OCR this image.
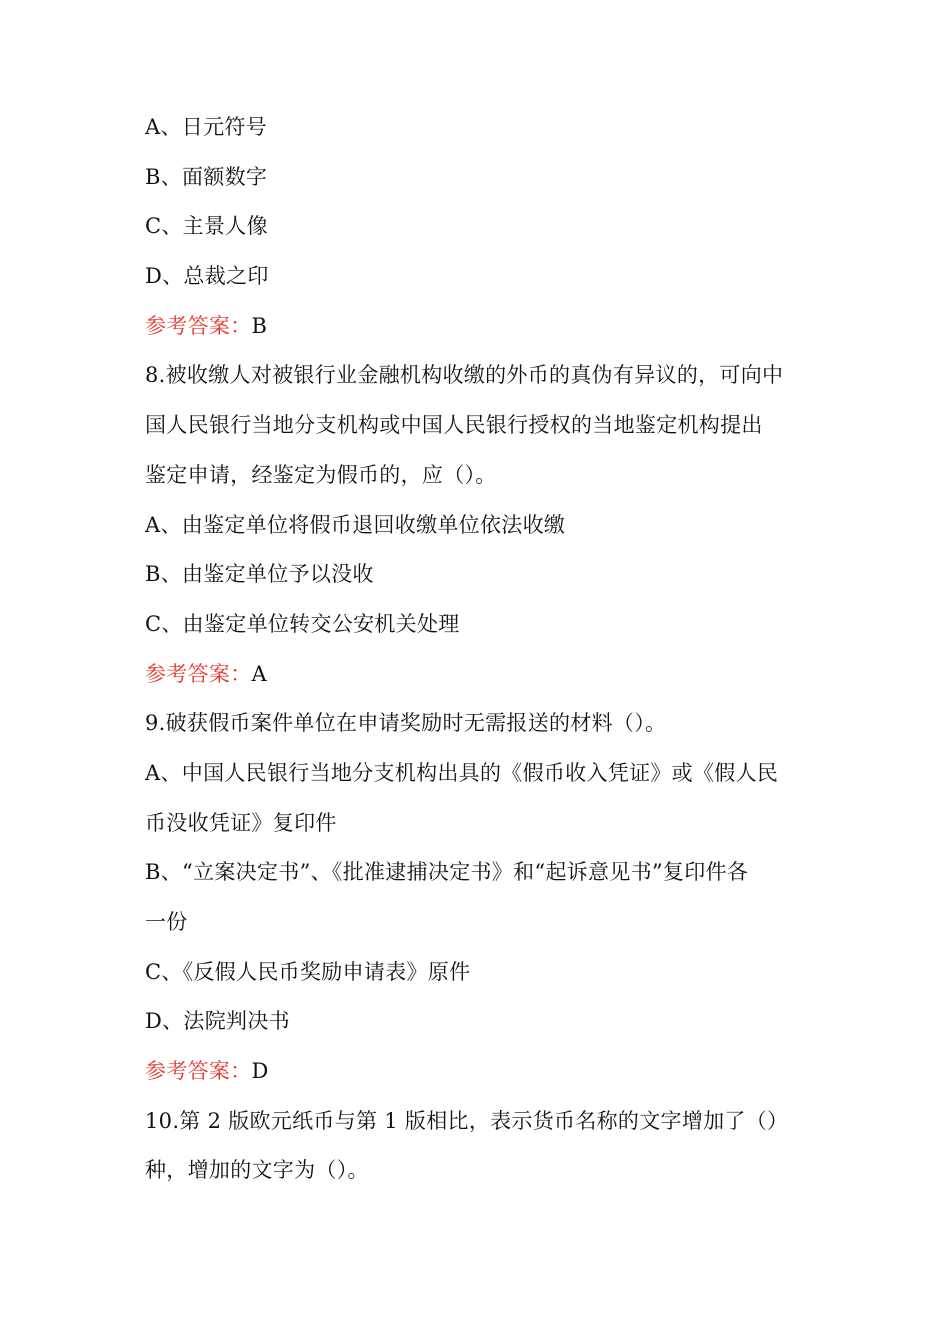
A、日元符号
B、面额数字
C、主景人像
D、总裁之印
参考答案：B
8.被收缴人对被银行业金融机构收缴的外币的真伪有异议的，可向中
国人民银行当地分支机构或中国人民银行授权的当地鉴定机构提出
鉴定申请，经鉴定为假币的，应（）。
A、由鉴定单位将假币退回收缴单位依法收缴
B、由鉴定单位予以没收
C、由鉴定单位转交公安机关处理
参考答案：A
9.破获假币案件单位在申请奖励时无需报送的材料（）。
A、中国人民银行当地分支机构出具的《假币收入凭证》或《假人民
币没收凭证》复印件
B、“立案决定书”、《批准逮捕决定书》和“起诉意见书”复印件各
一份
C、《反假人民币奖励申请表》原件
D、法院判决书
参考答案：D
10.第 2 版欧元纸币与第 1 版相比，表示货币名称的文字增加了（）
种，增加的文字为（）。
